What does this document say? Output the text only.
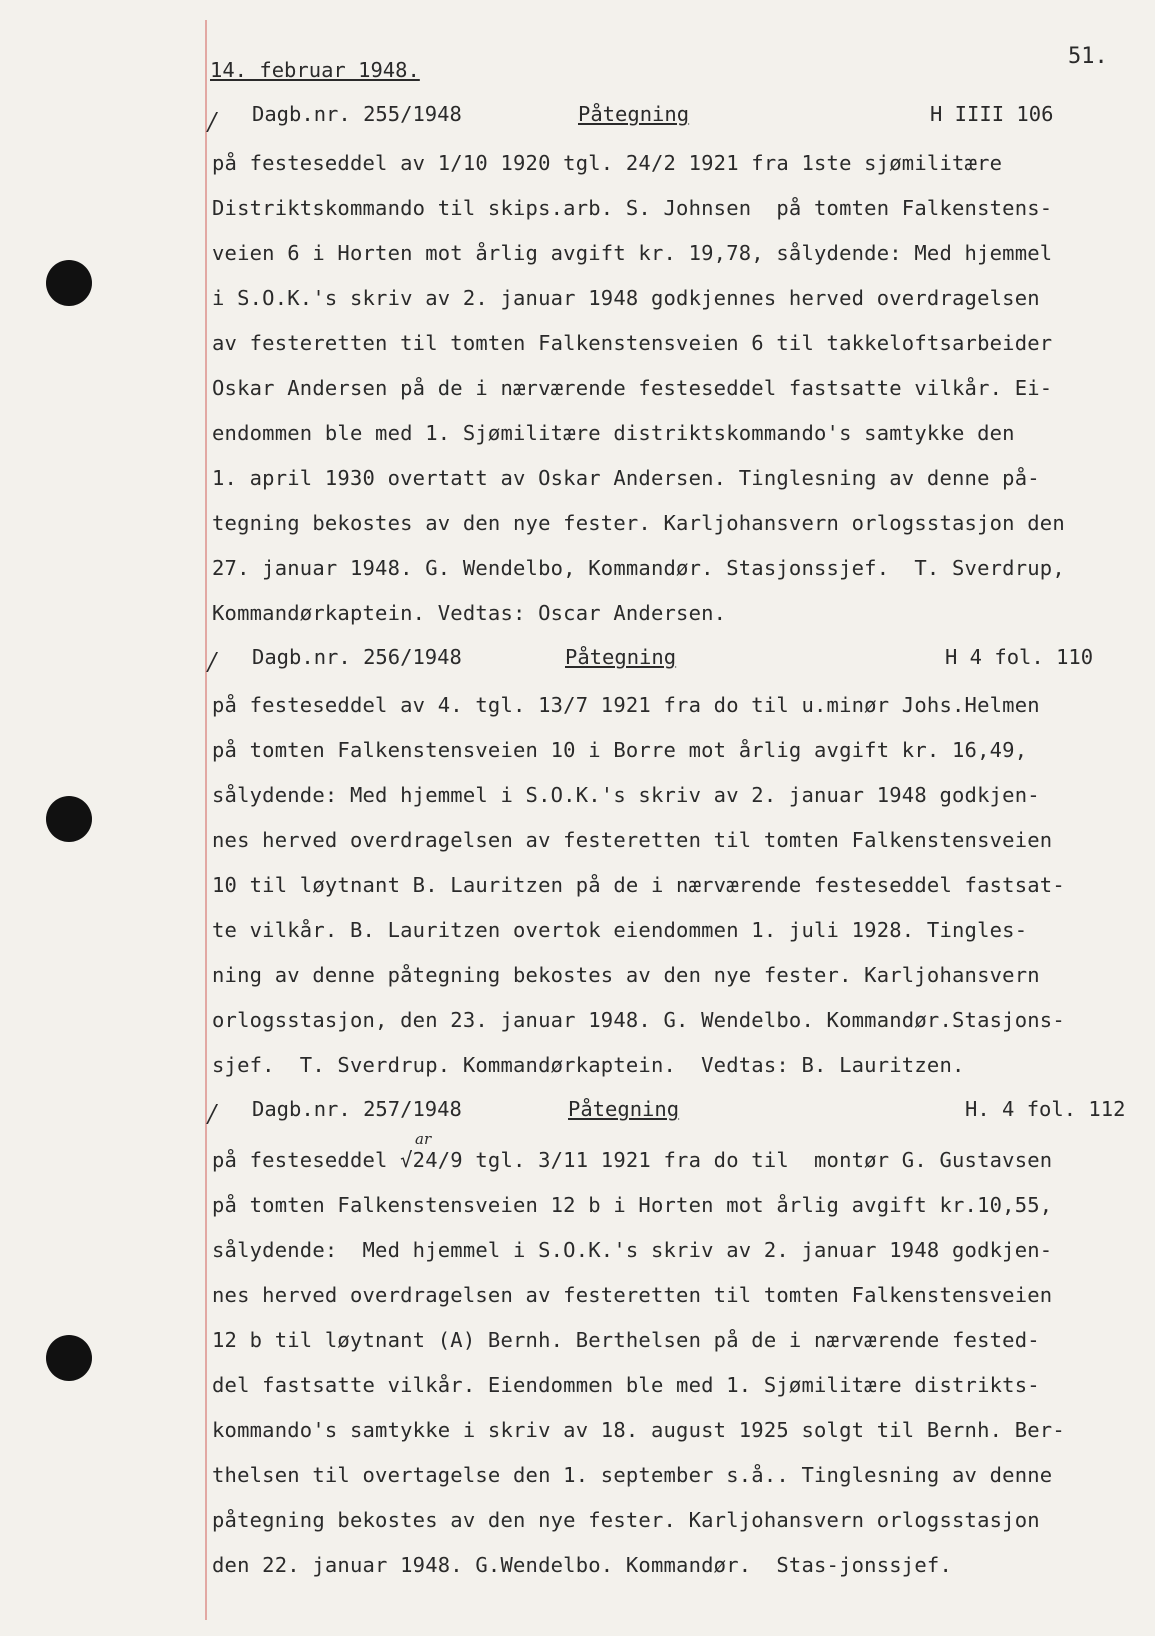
14. februar 1948.
51.
/ Dagb.nr. 255/1948	Påtegning	H IIII 106
på festeseddel av 1/10 1920 tgl. 24/2 1921 fra 1ste sjømilitære
Distriktskommando til skips.arb. S. Johnsen  på tomten Falkenstens-
veien 6 i Horten mot årlig avgift kr. 19,78, sålydende: Med hjemmel
i S.O.K.'s skriv av 2. januar 1948 godkjennes herved overdragelsen
av festeretten til tomten Falkenstensveien 6 til takkeloftsarbeider
Oskar Andersen på de i nærværende festeseddel fastsatte vilkår. Ei-
endommen ble med 1. Sjømilitære distriktskommando's samtykke den
1. april 1930 overtatt av Oskar Andersen. Tinglesning av denne på-
tegning bekostes av den nye fester. Karljohansvern orlogsstasjon den
27. januar 1948. G. Wendelbo, Kommandør. Stasjonssjef.  T. Sverdrup,
Kommandørkaptein. Vedtas: Oscar Andersen.
/ Dagb.nr. 256/1948	Påtegning	H 4 fol. 110
på festeseddel av 4. tgl. 13/7 1921 fra do til u.minør Johs.Helmen
på tomten Falkenstensveien 10 i Borre mot årlig avgift kr. 16,49,
sålydende: Med hjemmel i S.O.K.'s skriv av 2. januar 1948 godkjen-
nes herved overdragelsen av festeretten til tomten Falkenstensveien
10 til løytnant B. Lauritzen på de i nærværende festeseddel fastsat-
te vilkår. B. Lauritzen overtok eiendommen 1. juli 1928. Tingles-
ning av denne påtegning bekostes av den nye fester. Karljohansvern
orlogsstasjon, den 23. januar 1948. G. Wendelbo. Kommandør.Stasjons-
sjef.  T. Sverdrup. Kommandørkaptein.  Vedtas: B. Lauritzen.
/ Dagb.nr. 257/1948	Påtegning	H. 4 fol. 112
ar
på festeseddel √24/9 tgl. 3/11 1921 fra do til  montør G. Gustavsen
på tomten Falkenstensveien 12 b i Horten mot årlig avgift kr.10,55,
sålydende:  Med hjemmel i S.O.K.'s skriv av 2. januar 1948 godkjen-
nes herved overdragelsen av festeretten til tomten Falkenstensveien
12 b til løytnant (A) Bernh. Berthelsen på de i nærværende fested-
del fastsatte vilkår. Eiendommen ble med 1. Sjømilitære distrikts-
kommando's samtykke i skriv av 18. august 1925 solgt til Bernh. Ber-
thelsen til overtagelse den 1. september s.å.. Tinglesning av denne
påtegning bekostes av den nye fester. Karljohansvern orlogsstasjon
den 22. januar 1948. G.Wendelbo. Kommandør.  Stas-jonssjef.
